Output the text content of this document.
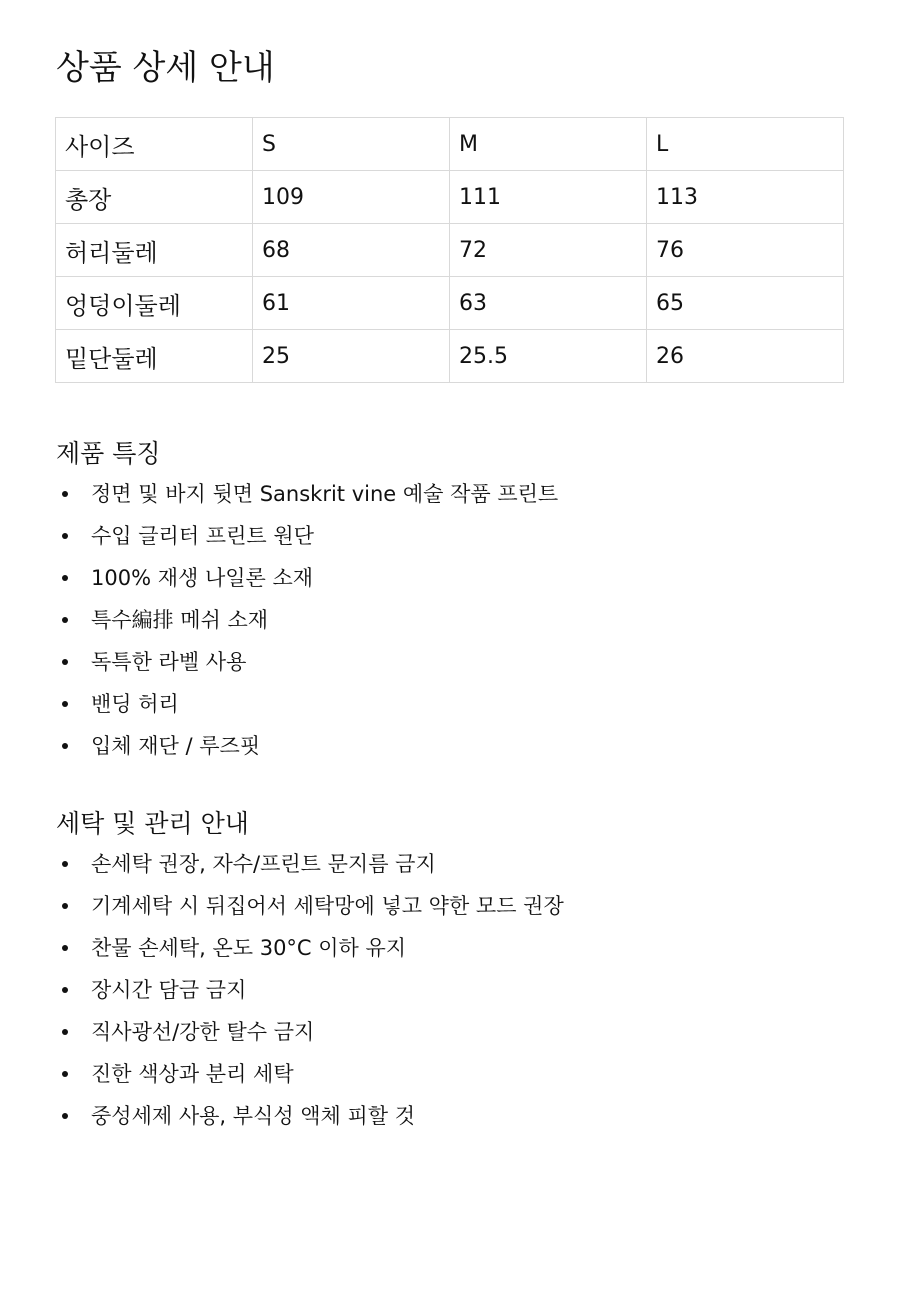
상품 상세 안내
사이즈	S	M	L
총장	109	111	113
허리둘레	68	72	76
엉덩이둘레	61	63	65
밑단둘레	25	25.5	26
제품 특징
정면 및 바지 뒷면 Sanskrit vine 예술 작품 프린트
수입 글리터 프린트 원단
100% 재생 나일론 소재
특수編排 메쉬 소재
독특한 라벨 사용
밴딩 허리
입체 재단 / 루즈핏
세탁 및 관리 안내
손세탁 권장, 자수/프린트 문지름 금지
기계세탁 시 뒤집어서 세탁망에 넣고 약한 모드 권장
찬물 손세탁, 온도 30°C 이하 유지
장시간 담금 금지
직사광선/강한 탈수 금지
진한 색상과 분리 세탁
중성세제 사용, 부식성 액체 피할 것
